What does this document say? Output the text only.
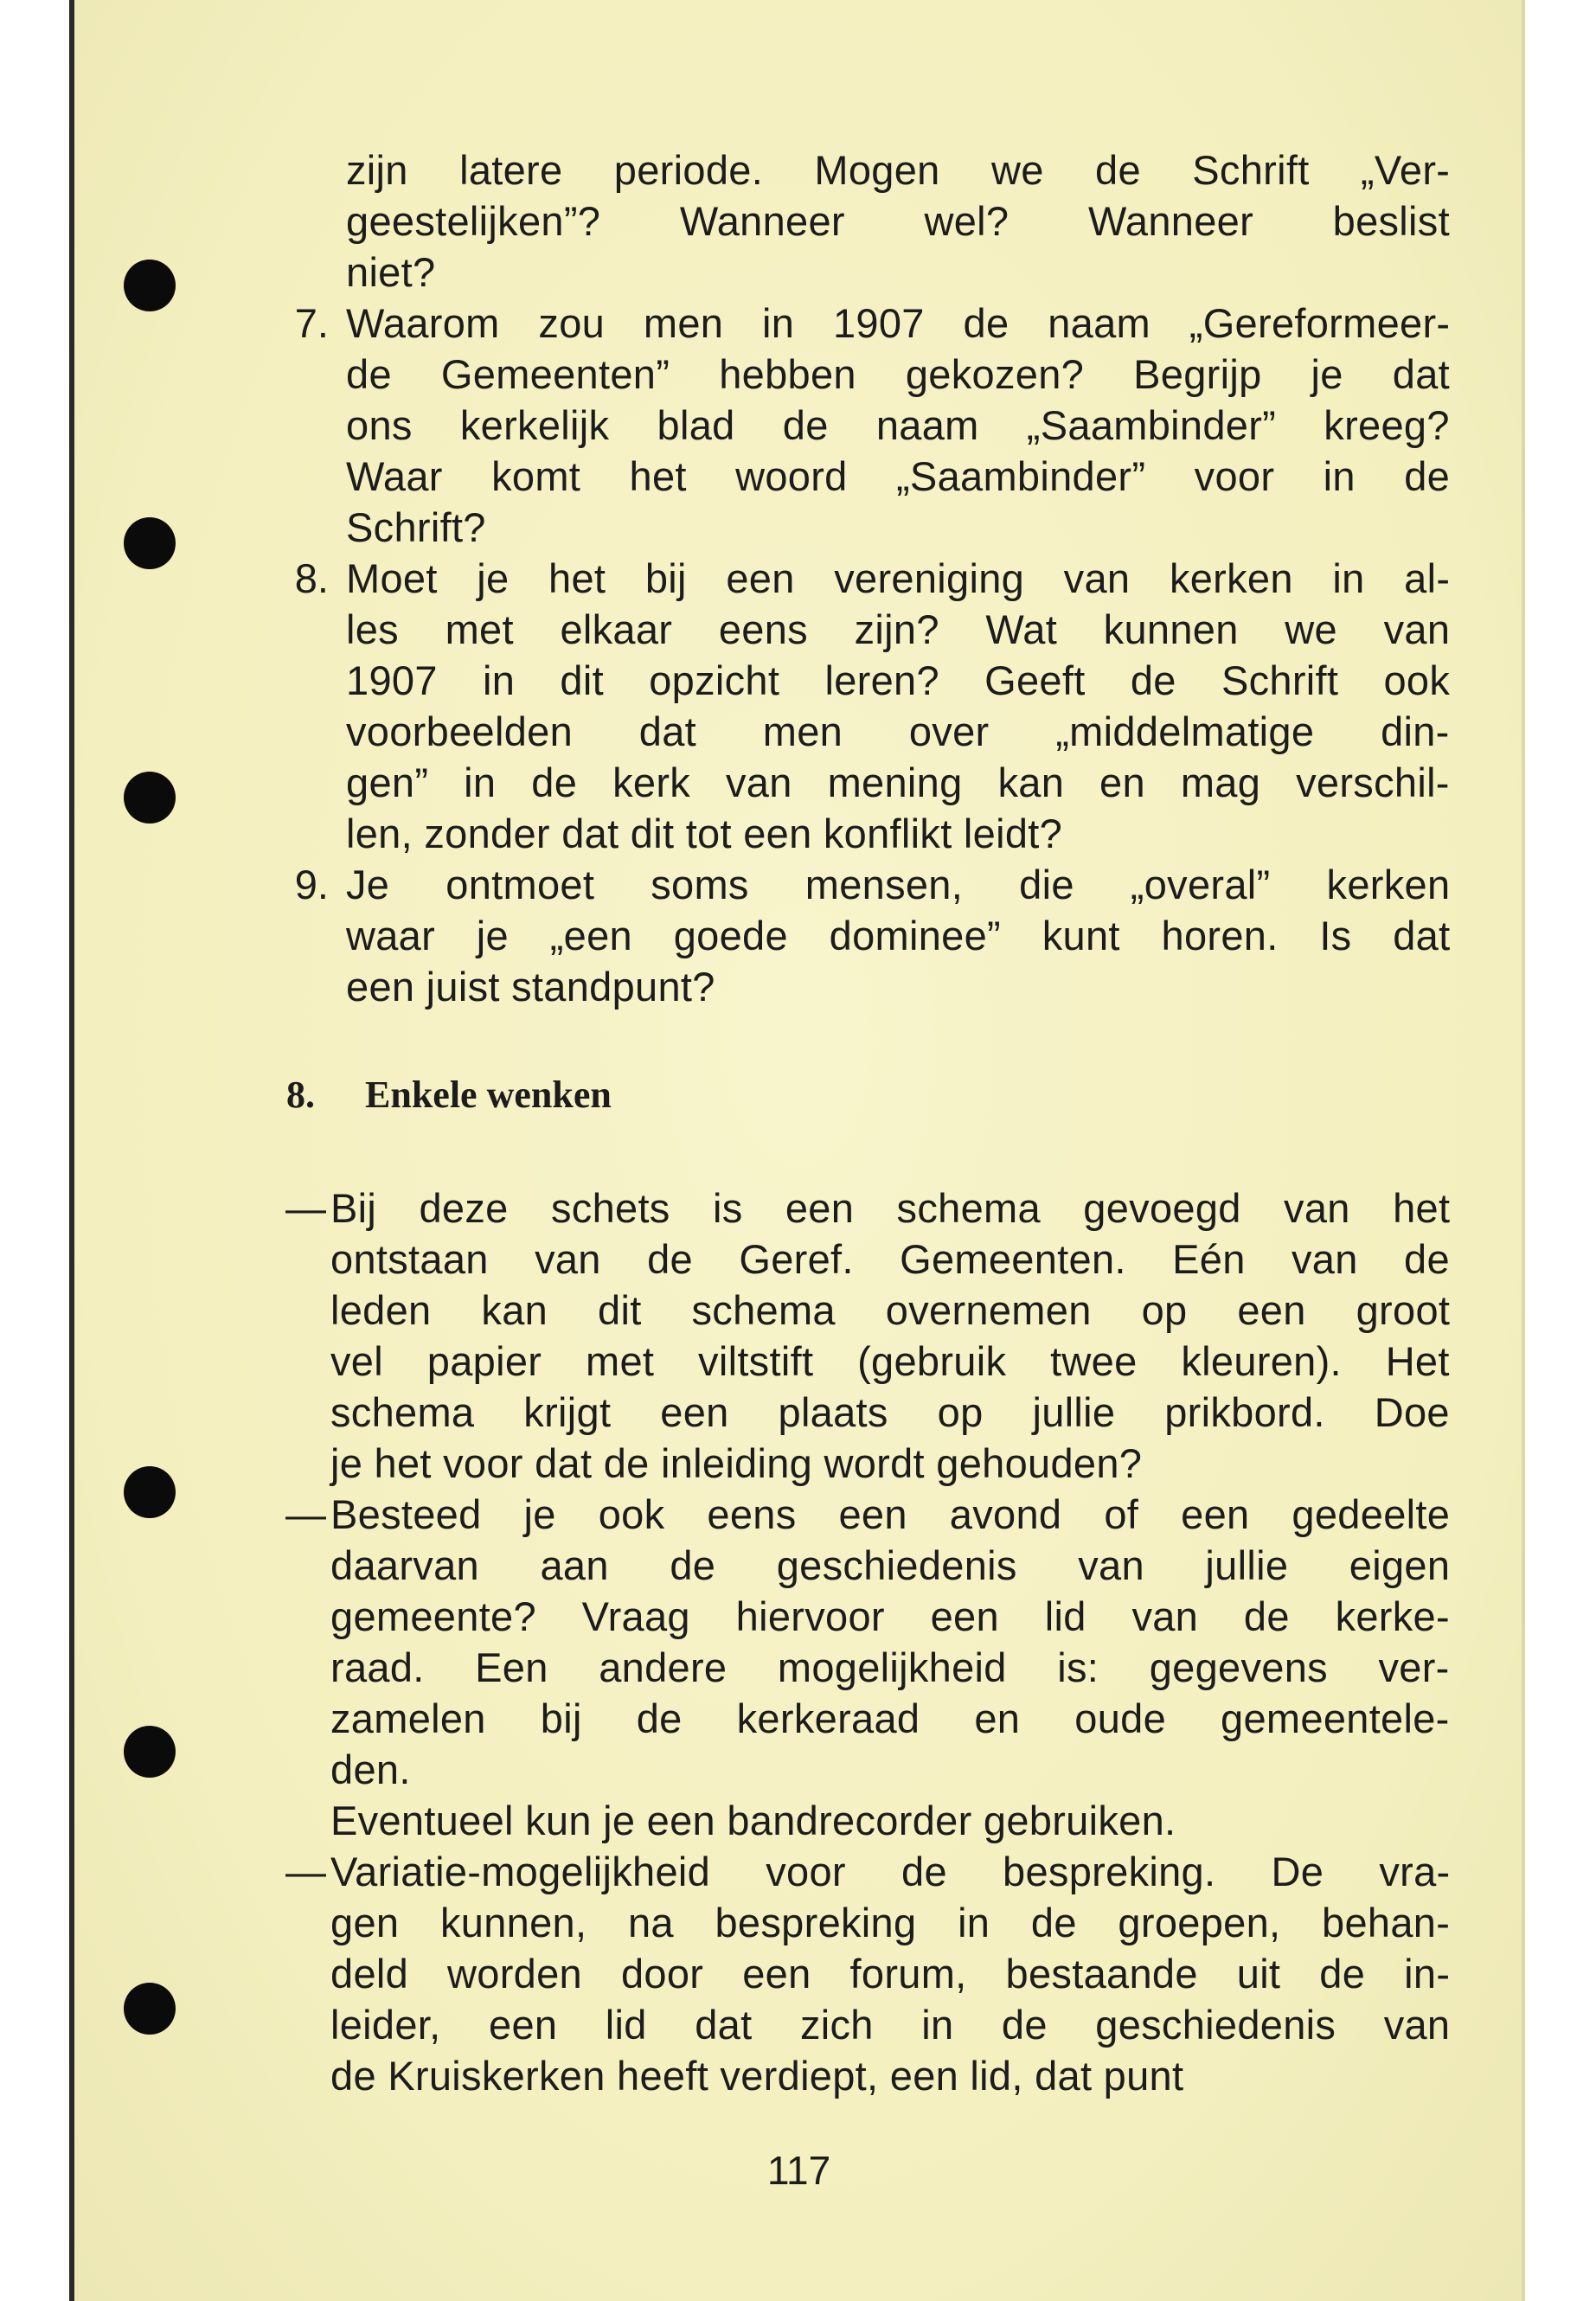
zijn latere periode. Mogen we de Schrift „Ver-
geestelijken”? Wanneer wel? Wanneer beslist
niet?
7. Waarom zou men in 1907 de naam „Gereformeer-
de Gemeenten” hebben gekozen? Begrijp je dat
ons kerkelijk blad de naam „Saambinder” kreeg?
Waar komt het woord „Saambinder” voor in de
Schrift?
8. Moet je het bij een vereniging van kerken in al-
les met elkaar eens zijn? Wat kunnen we van
1907 in dit opzicht leren? Geeft de Schrift ook
voorbeelden dat men over „middelmatige din-
gen” in de kerk van mening kan en mag verschil-
len, zonder dat dit tot een konflikt leidt?
9. Je ontmoet soms mensen, die „overal” kerken
waar je „een goede dominee” kunt horen. Is dat
een juist standpunt?
8. Enkele wenken
— Bij deze schets is een schema gevoegd van het
ontstaan van de Geref. Gemeenten. Eén van de
leden kan dit schema overnemen op een groot
vel papier met viltstift (gebruik twee kleuren). Het
schema krijgt een plaats op jullie prikbord. Doe
je het voor dat de inleiding wordt gehouden?
— Besteed je ook eens een avond of een gedeelte
daarvan aan de geschiedenis van jullie eigen
gemeente? Vraag hiervoor een lid van de kerke-
raad. Een andere mogelijkheid is: gegevens ver-
zamelen bij de kerkeraad en oude gemeentele-
den.
Eventueel kun je een bandrecorder gebruiken.
— Variatie-mogelijkheid voor de bespreking. De vra-
gen kunnen, na bespreking in de groepen, behan-
deld worden door een forum, bestaande uit de in-
leider, een lid dat zich in de geschiedenis van
de Kruiskerken heeft verdiept, een lid, dat punt
117
